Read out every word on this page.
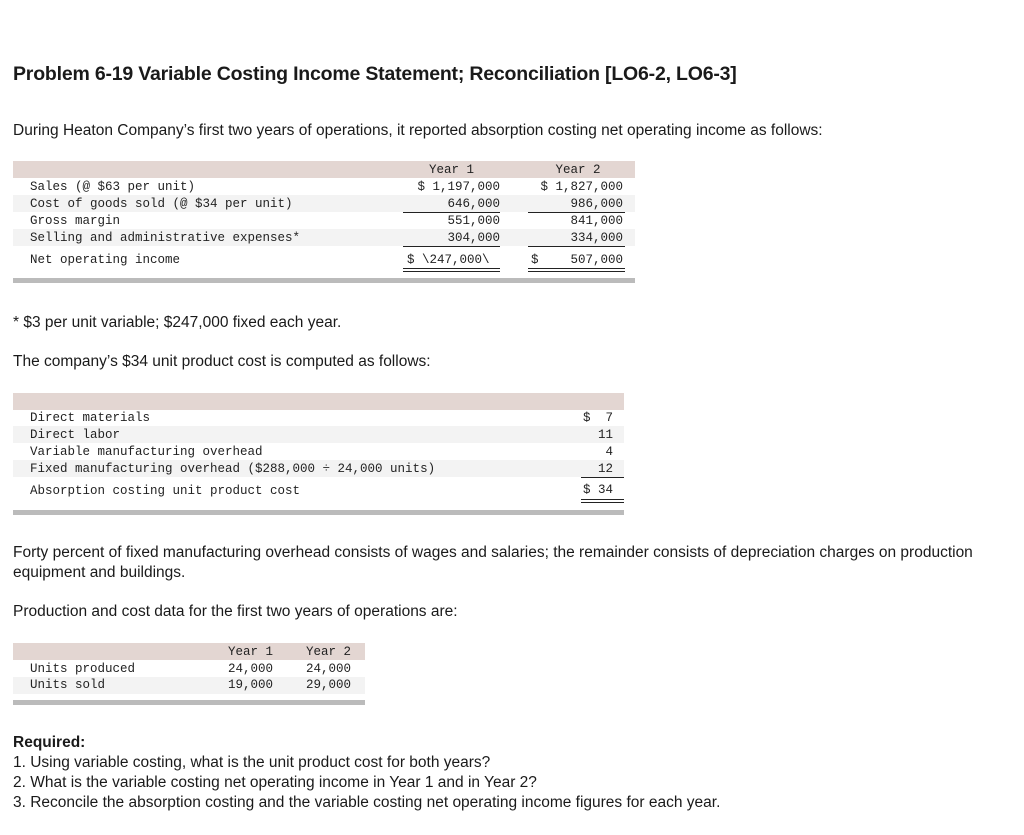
Problem 6-19 Variable Costing Income Statement; Reconciliation [LO6-2, LO6-3]
During Heaton Company’s first two years of operations, it reported absorption costing net operating income as follows:
Year 1	Year 2
Sales (@ $63 per unit)	$ 1,197,000	$ 1,827,000
Cost of goods sold (@ $34 per unit)	646,000	986,000
Gross margin	551,000	841,000
Selling and administrative expenses*	304,000	334,000
Net operating income	$ \247,000\	$	507,000
* $3 per unit variable; $247,000 fixed each year.
The company’s $34 unit product cost is computed as follows:
Direct materials	$  7
Direct labor	11
Variable manufacturing overhead	4
Fixed manufacturing overhead ($288,000 ÷ 24,000 units)	12
Absorption costing unit product cost	$ 34
Forty percent of fixed manufacturing overhead consists of wages and salaries; the remainder consists of depreciation charges on production equipment and buildings.
Production and cost data for the first two years of operations are:
Year 1	Year 2
Units produced	24,000	24,000
Units sold	19,000	29,000
Required:
1. Using variable costing, what is the unit product cost for both years?
2. What is the variable costing net operating income in Year 1 and in Year 2?
3. Reconcile the absorption costing and the variable costing net operating income figures for each year.
